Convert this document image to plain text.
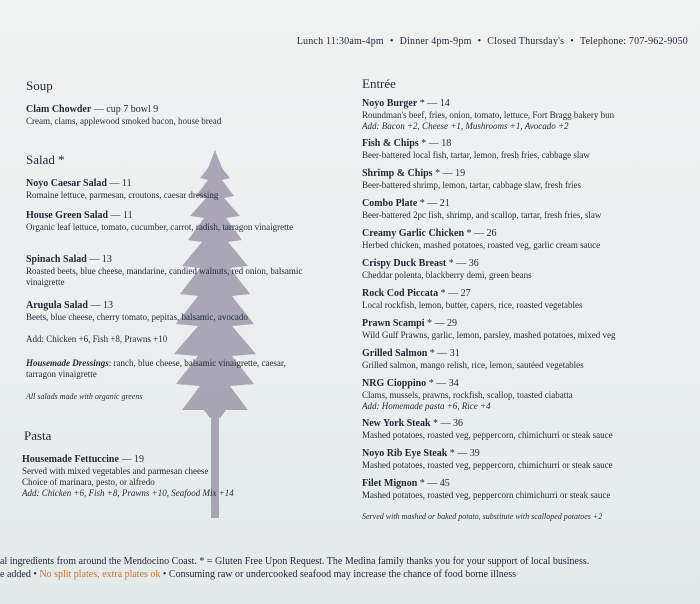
Lunch 11:30am-4pm • Dinner 4pm-9pm • Closed Thursday's • Telephone: 707-962-9050
Soup
Clam Chowder — cup 7 bowl 9
Cream, clams, applewood smoked bacon, house bread
Salad *
Noyo Caesar Salad — 11
Romaine lettuce, parmesan, croutons, caesar dressing
House Green Salad — 11
Organic leaf lettuce, tomato, cucumber, carrot, radish, tarragon vinaigrette
Spinach Salad — 13
Roasted beets, blue cheese, mandarine, candied walnuts, red onion, balsamic vinaigrette
Arugula Salad — 13
Beets, blue cheese, cherry tomato, pepitas, balsamic, avocado
Add: Chicken +6, Fish +8, Prawns +10
Housemade Dressings: ranch, blue cheese, balsamic vinaigrette, caesar, tarragon vinaigrette
All salads made with organic greens
Pasta
Housemade Fettuccine — 19
Served with mixed vegetables and parmesan cheese
Choice of marinara, pesto, or alfredo
Add: Chicken +6, Fish +8, Prawns +10, Seafood Mix +14
Entrée
Noyo Burger * — 14
Roundman's beef, fries, onion, tomato, lettuce, Fort Bragg bakery bun
Add: Bacon +2, Cheese +1, Mushrooms +1, Avocado +2
Fish & Chips * — 18
Beer-battered local fish, tartar, lemon, fresh fries, cabbage slaw
Shrimp & Chips * — 19
Beer-battered shrimp, lemon, tartar, cabbage slaw, fresh fries
Combo Plate * — 21
Beer-battered 2pc fish, shrimp, and scallop, tartar, fresh fries, slaw
Creamy Garlic Chicken * — 26
Herbed chicken, mashed potatoes, roasted veg, garlic cream sauce
Crispy Duck Breast * — 36
Cheddar polenta, blackberry demi, green beans
Rock Cod Piccata * — 27
Local rockfish, lemon, butter, capers, rice, roasted vegetables
Prawn Scampi * — 29
Wild Gulf Prawns, garlic, lemon, parsley, mashed potatoes, mixed veg
Grilled Salmon * — 31
Grilled salmon, mango relish, rice, lemon, sautéed vegetables
NRG Cioppino * — 34
Clams, mussels, prawns, rockfish, scallop, toasted ciabatta
Add: Homemade pasta +6, Rice +4
New York Steak * — 36
Mashed potatoes, roasted veg, peppercorn, chimichurri or steak sauce
Noyo Rib Eye Steak * — 39
Mashed potatoes, roasted veg, peppercorn, chimichurri or steak sauce
Filet Mignon * — 45
Mashed potatoes, roasted veg, peppercorn chimichurri or steak sauce
Served with mashed or baked potato, substitute with scalloped potatoes +2
al ingredients from around the Mendocino Coast. * = Gluten Free Upon Request. The Medina family thanks you for your support of local business.
e added • No split plates, extra plates ok • Consuming raw or undercooked seafood may increase the chance of food borne illness
